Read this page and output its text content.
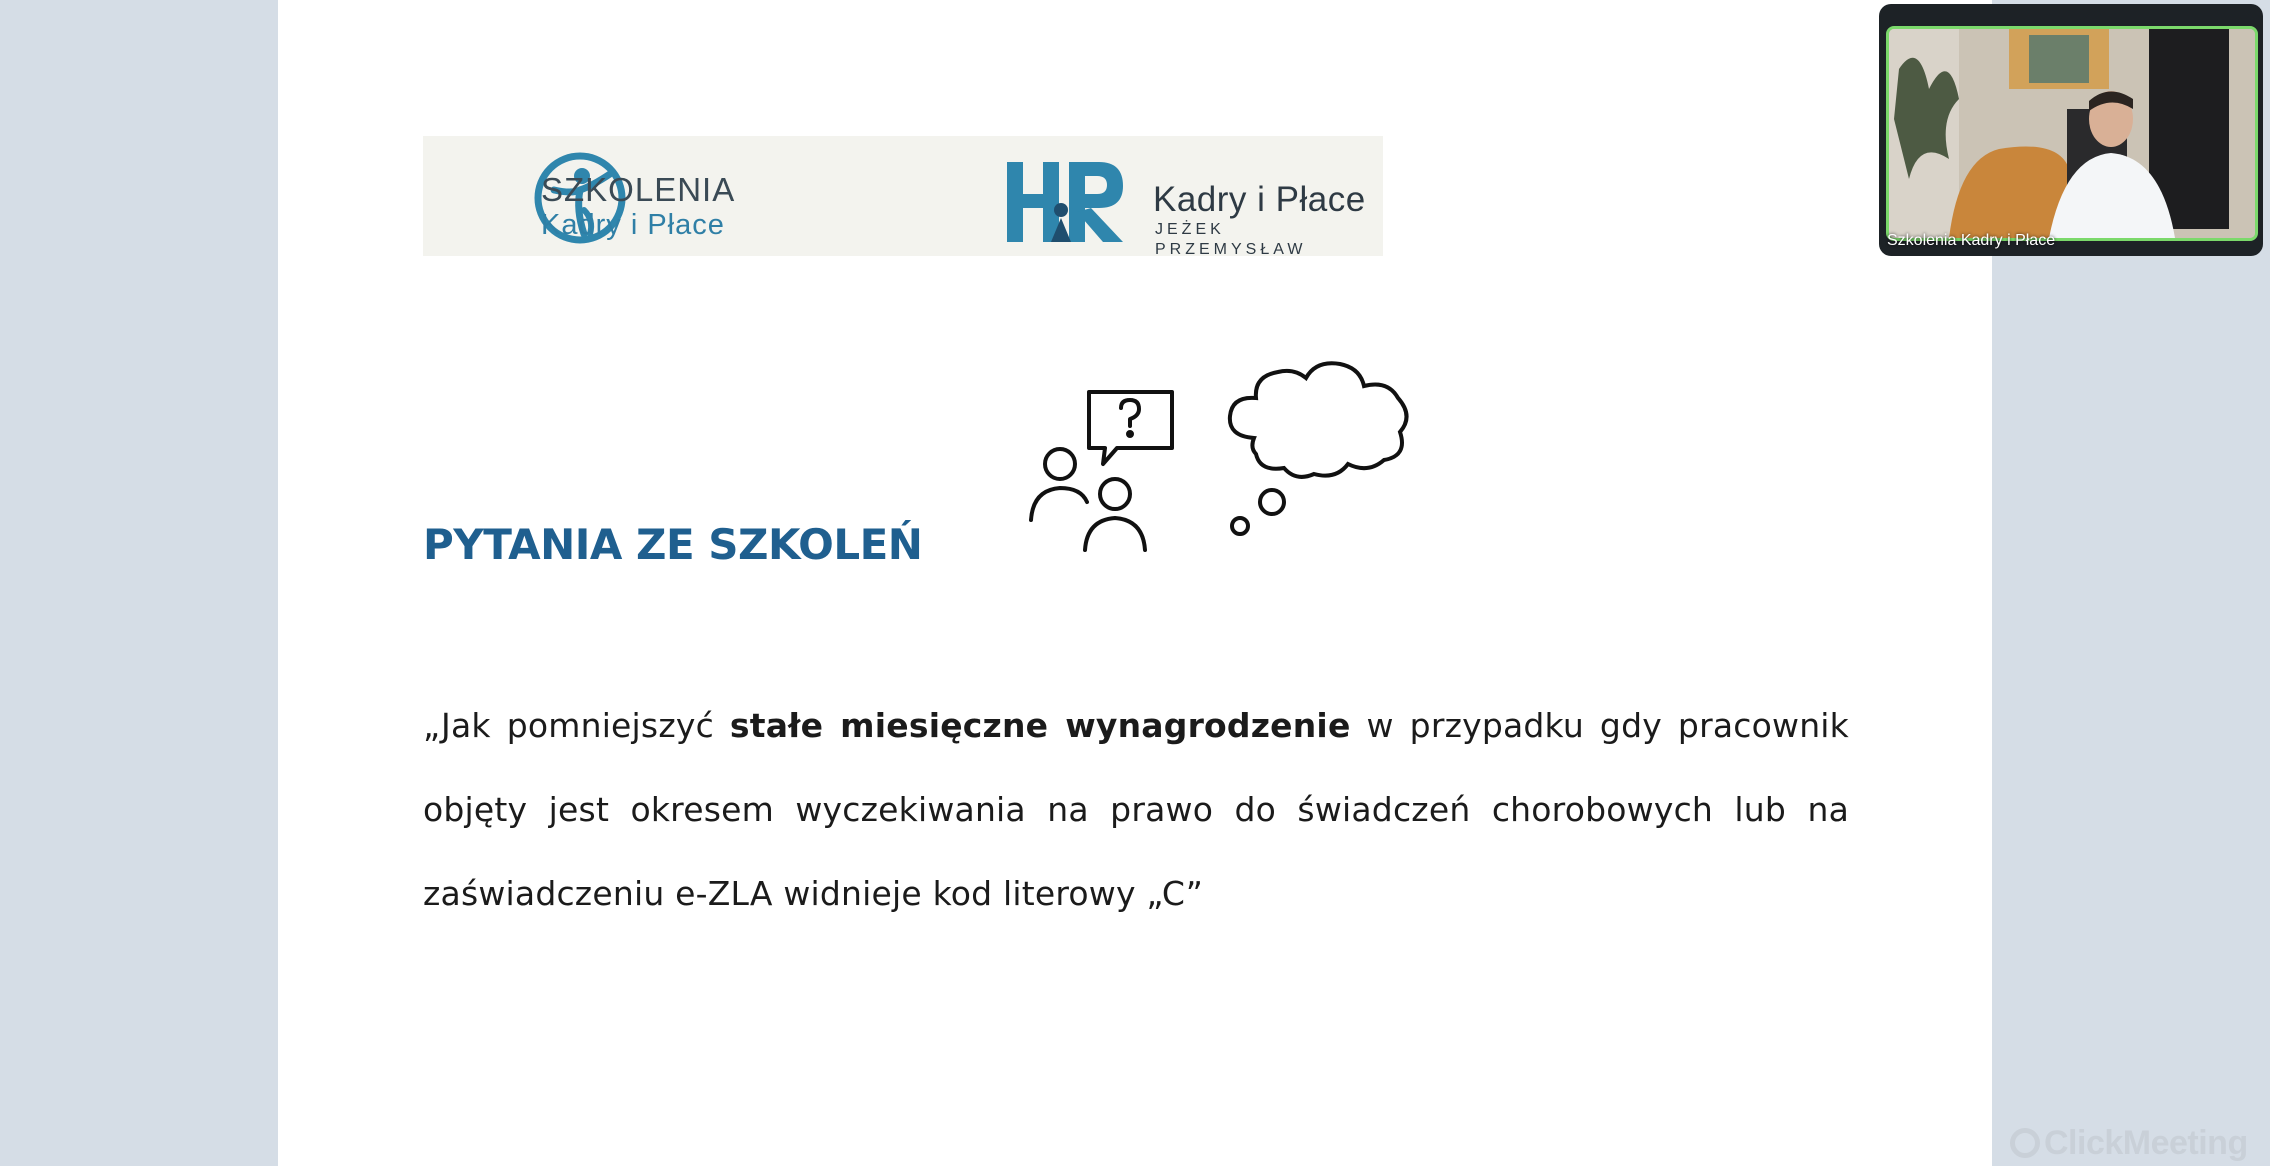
SZKOLENIA
Kadry i Płace
Kadry i Płace
JEŻEK PRZEMYSŁAW
PYTANIA ZE SZKOLEŃ

„Jak pomniejszyć stałe miesięczne wynagrodzenie w przypadku gdy pracownik objęty jest okresem wyczekiwania na prawo do świadczeń chorobowych lub na zaświadczeniu e-ZLA widnieje kod literowy „C”

Szkolenia Kadry i Płace
ClickMeeting
